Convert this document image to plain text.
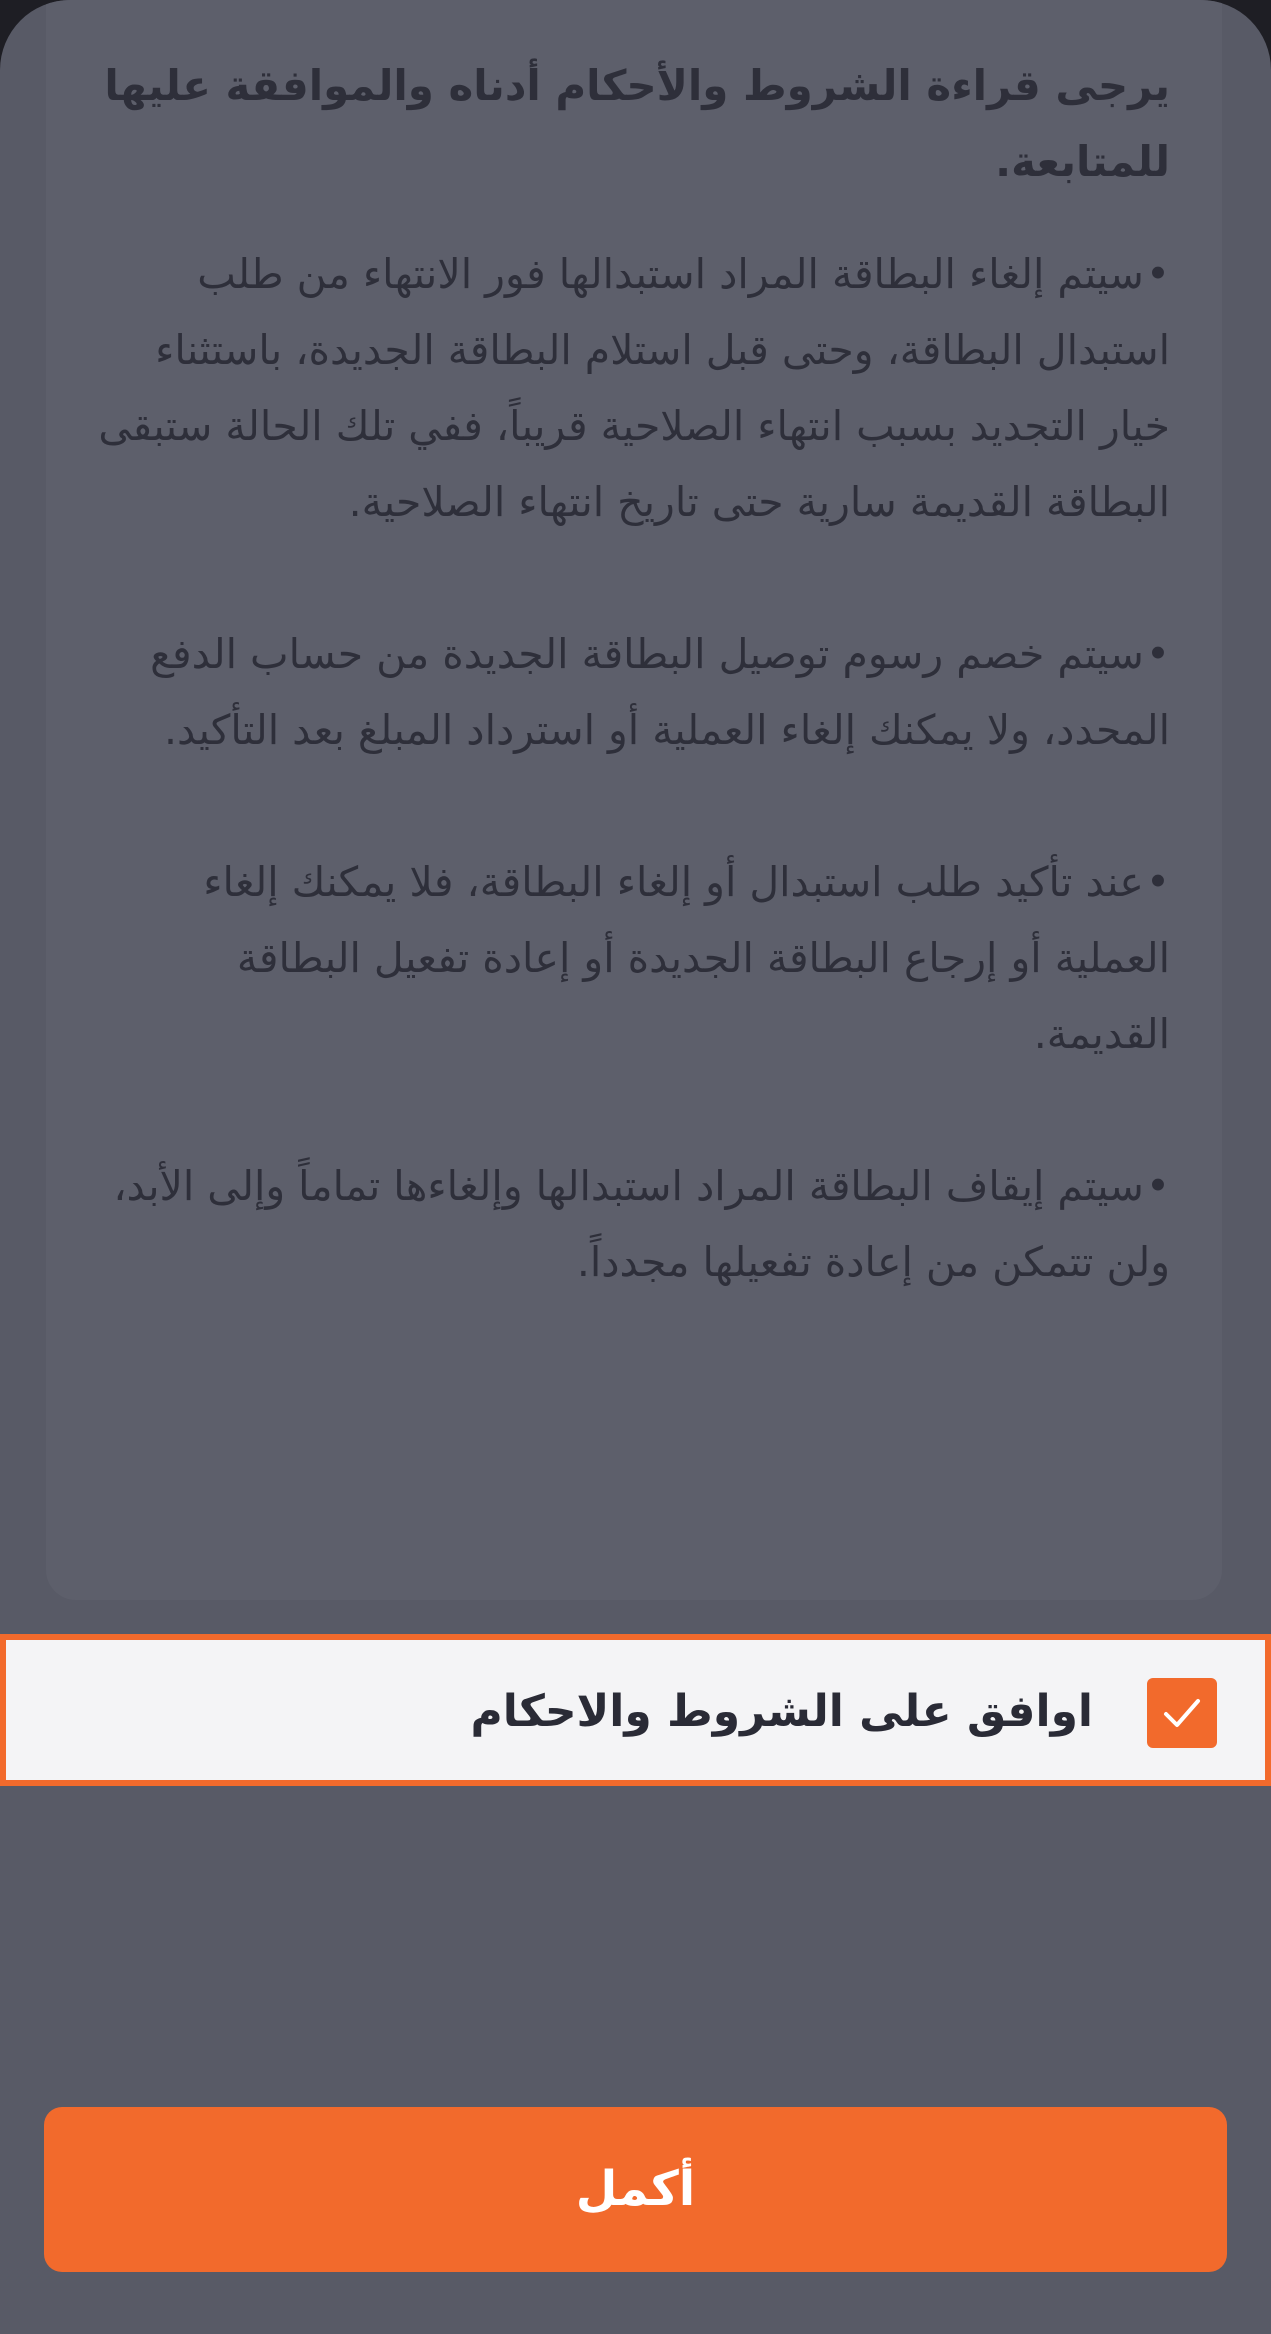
يرجى قراءة الشروط والأحكام أدناه والموافقة عليها للمتابعة.

•سيتم إلغاء البطاقة المراد استبدالها فور الانتهاء من طلب استبدال البطاقة، وحتى قبل استلام البطاقة الجديدة، باستثناء خيار التجديد بسبب انتهاء الصلاحية قريباً، ففي تلك الحالة ستبقى البطاقة القديمة سارية حتى تاريخ انتهاء الصلاحية.

•سيتم خصم رسوم توصيل البطاقة الجديدة من حساب الدفع المحدد، ولا يمكنك إلغاء العملية أو استرداد المبلغ بعد التأكيد.

•عند تأكيد طلب استبدال أو إلغاء البطاقة، فلا يمكنك إلغاء العملية أو إرجاع البطاقة الجديدة أو إعادة تفعيل البطاقة القديمة.

•سيتم إيقاف البطاقة المراد استبدالها وإلغاءها تماماً وإلى الأبد، ولن تتمكن من إعادة تفعيلها مجدداً.

اوافق على الشروط والاحكام
أكمل
